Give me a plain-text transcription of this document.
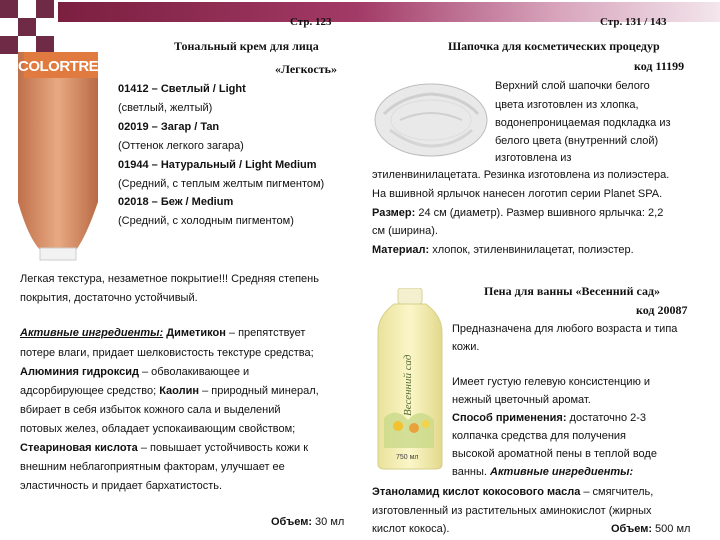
Стр. 123	Стр. 131 / 143
COLORTRE
Тональный крем для лица
«Легкость»
01412 – Светлый / Light
(светлый, желтый)
02019 – Загар / Tan
(Оттенок легкого загара)
01944 – Натуральный / Light Medium
(Средний, с теплым желтым пигментом)
02018 – Беж / Medium
(Средний, с холодным пигментом)
Легкая текстура, незаметное покрытие!!! Средняя степень
покрытия, достаточно устойчивый.
Активные ингредиенты: Диметикон – препятствует
потере влаги, придает шелковистость текстуре средства;
Алюминия гидроксид – обволакивающее и
адсорбирующее средство; Каолин – природный минерал,
вбирает в себя избыток кожного сала и выделений
потовых желез, обладает успокаивающим свойством;
Стеариновая кислота – повышает устойчивость кожи к
внешним неблагоприятным факторам, улучшает ее
эластичность и придает бархатистость.
Объем: 30 мл
Шапочка для косметических процедур
код 11199
Верхний слой шапочки белого
цвета изготовлен из хлопка,
водонепроницаемая подкладка из
белого цвета (внутренний слой)
изготовлена из
этиленвинилацетата. Резинка изготовлена из полиэстера.
На вшивной ярлычок нанесен логотип серии Planet SPA.
Размер: 24 см (диаметр). Размер вшивного ярлычка: 2,2
см (ширина).
Материал: хлопок, этиленвинилацетат, полиэстер.
Весенний сад
750 мл
Пена для ванны «Весенний сад»
код 20087
Предназначена для любого возраста и типа
кожи.
Имеет густую гелевую консистенцию и
нежный цветочный аромат.
Способ применения: достаточно 2-3
колпачка средства для получения
высокой ароматной пены в теплой воде
ванны. Активные ингредиенты:
Этаноламид кислот кокосового масла – смягчитель,
изготовленный из растительных аминокислот (жирных
кислот кокоса).	Объем: 500 мл
